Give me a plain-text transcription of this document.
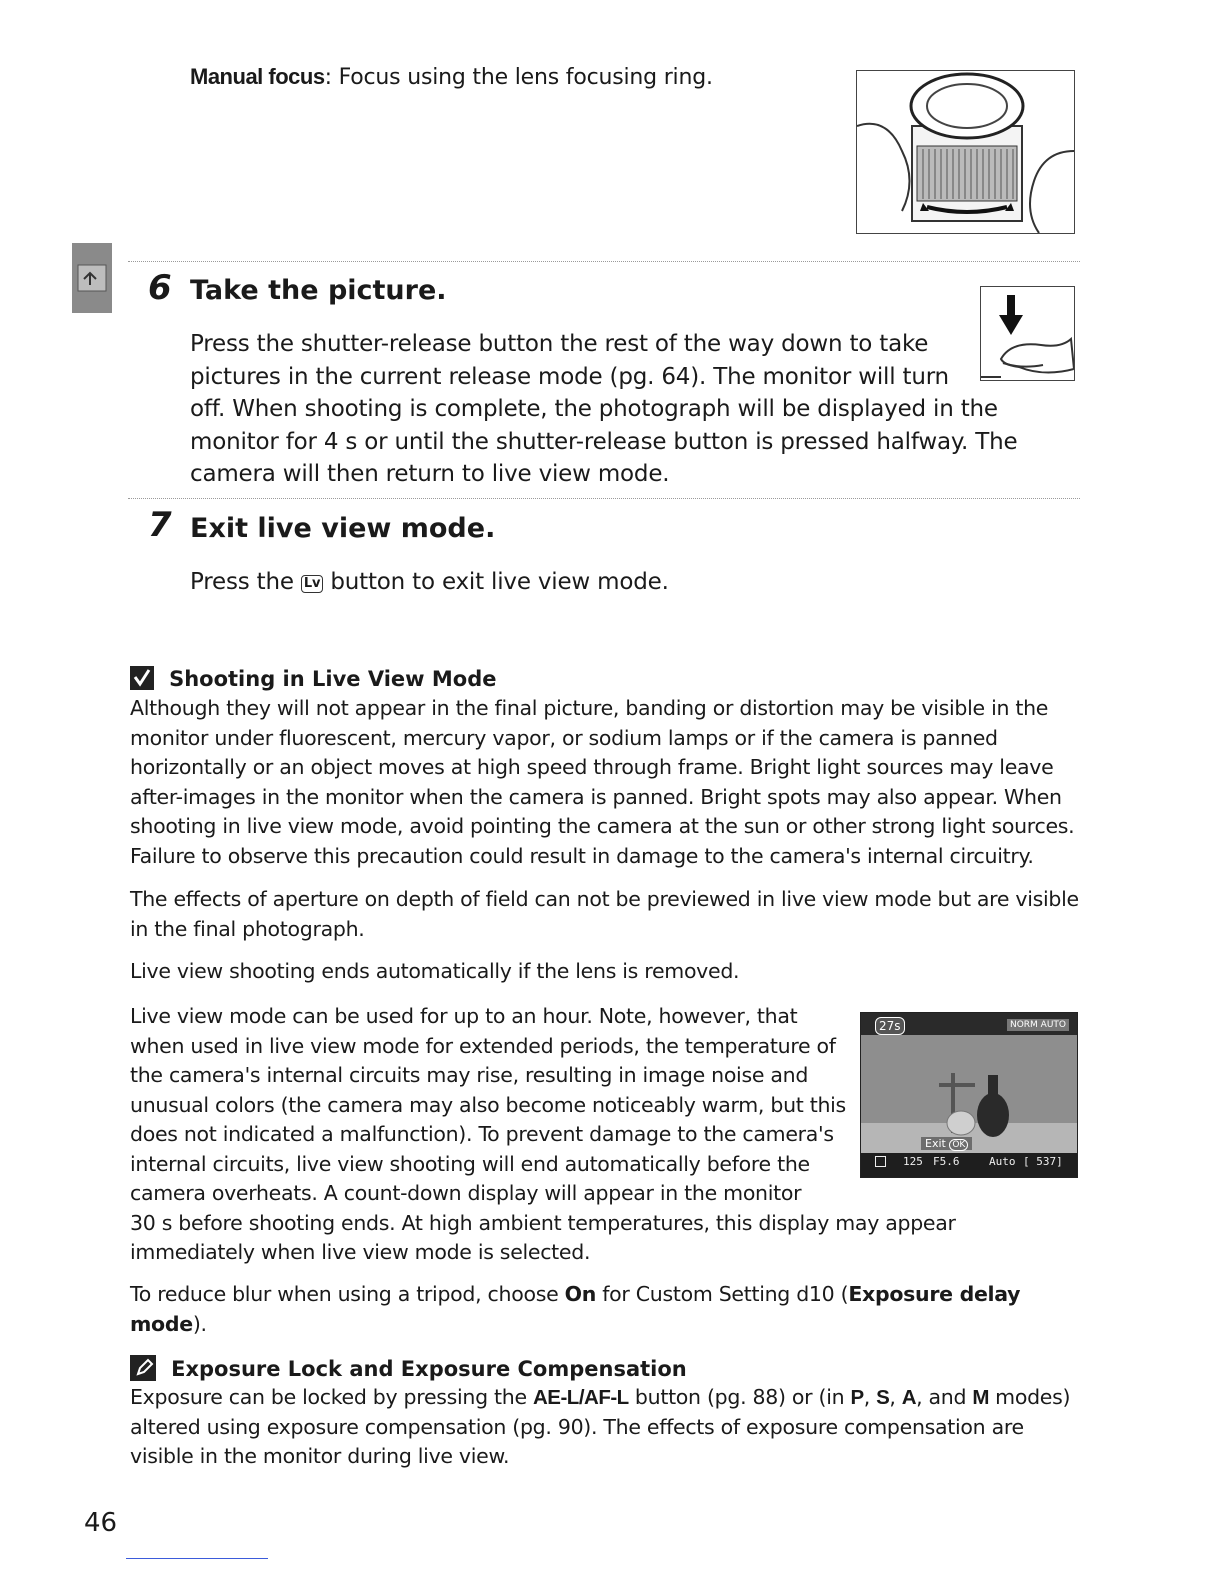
Manual focus: Focus using the lens focusing ring.
6 Take the picture.
Press the shutter-release button the rest of the way down to take
pictures in the current release mode (pg. 64). The monitor will turn
off. When shooting is complete, the photograph will be displayed in the
monitor for 4 s or until the shutter-release button is pressed halfway. The
camera will then return to live view mode.
7 Exit live view mode.
Press the Lv button to exit live view mode.
Shooting in Live View Mode
Although they will not appear in the final picture, banding or distortion may be visible in the
monitor under fluorescent, mercury vapor, or sodium lamps or if the camera is panned
horizontally or an object moves at high speed through frame. Bright light sources may leave
after-images in the monitor when the camera is panned. Bright spots may also appear. When
shooting in live view mode, avoid pointing the camera at the sun or other strong light sources.
Failure to observe this precaution could result in damage to the camera's internal circuitry.
The effects of aperture on depth of field can not be previewed in live view mode but are visible
in the final photograph.
Live view shooting ends automatically if the lens is removed.
Live view mode can be used for up to an hour. Note, however, that
when used in live view mode for extended periods, the temperature of
the camera's internal circuits may rise, resulting in image noise and
unusual colors (the camera may also become noticeably warm, but this
does not indicated a malfunction). To prevent damage to the camera's
internal circuits, live view shooting will end automatically before the
camera overheats. A count-down display will appear in the monitor
30 s before shooting ends. At high ambient temperatures, this display may appear
immediately when live view mode is selected.
27s	NORM AUTO
Exit OK
125 F5.6	Auto [ 537]
To reduce blur when using a tripod, choose On for Custom Setting d10 (Exposure delay
mode).
Exposure Lock and Exposure Compensation
Exposure can be locked by pressing the AE-L/AF-L button (pg. 88) or (in P, S, A, and M modes)
altered using exposure compensation (pg. 90). The effects of exposure compensation are
visible in the monitor during live view.
46
